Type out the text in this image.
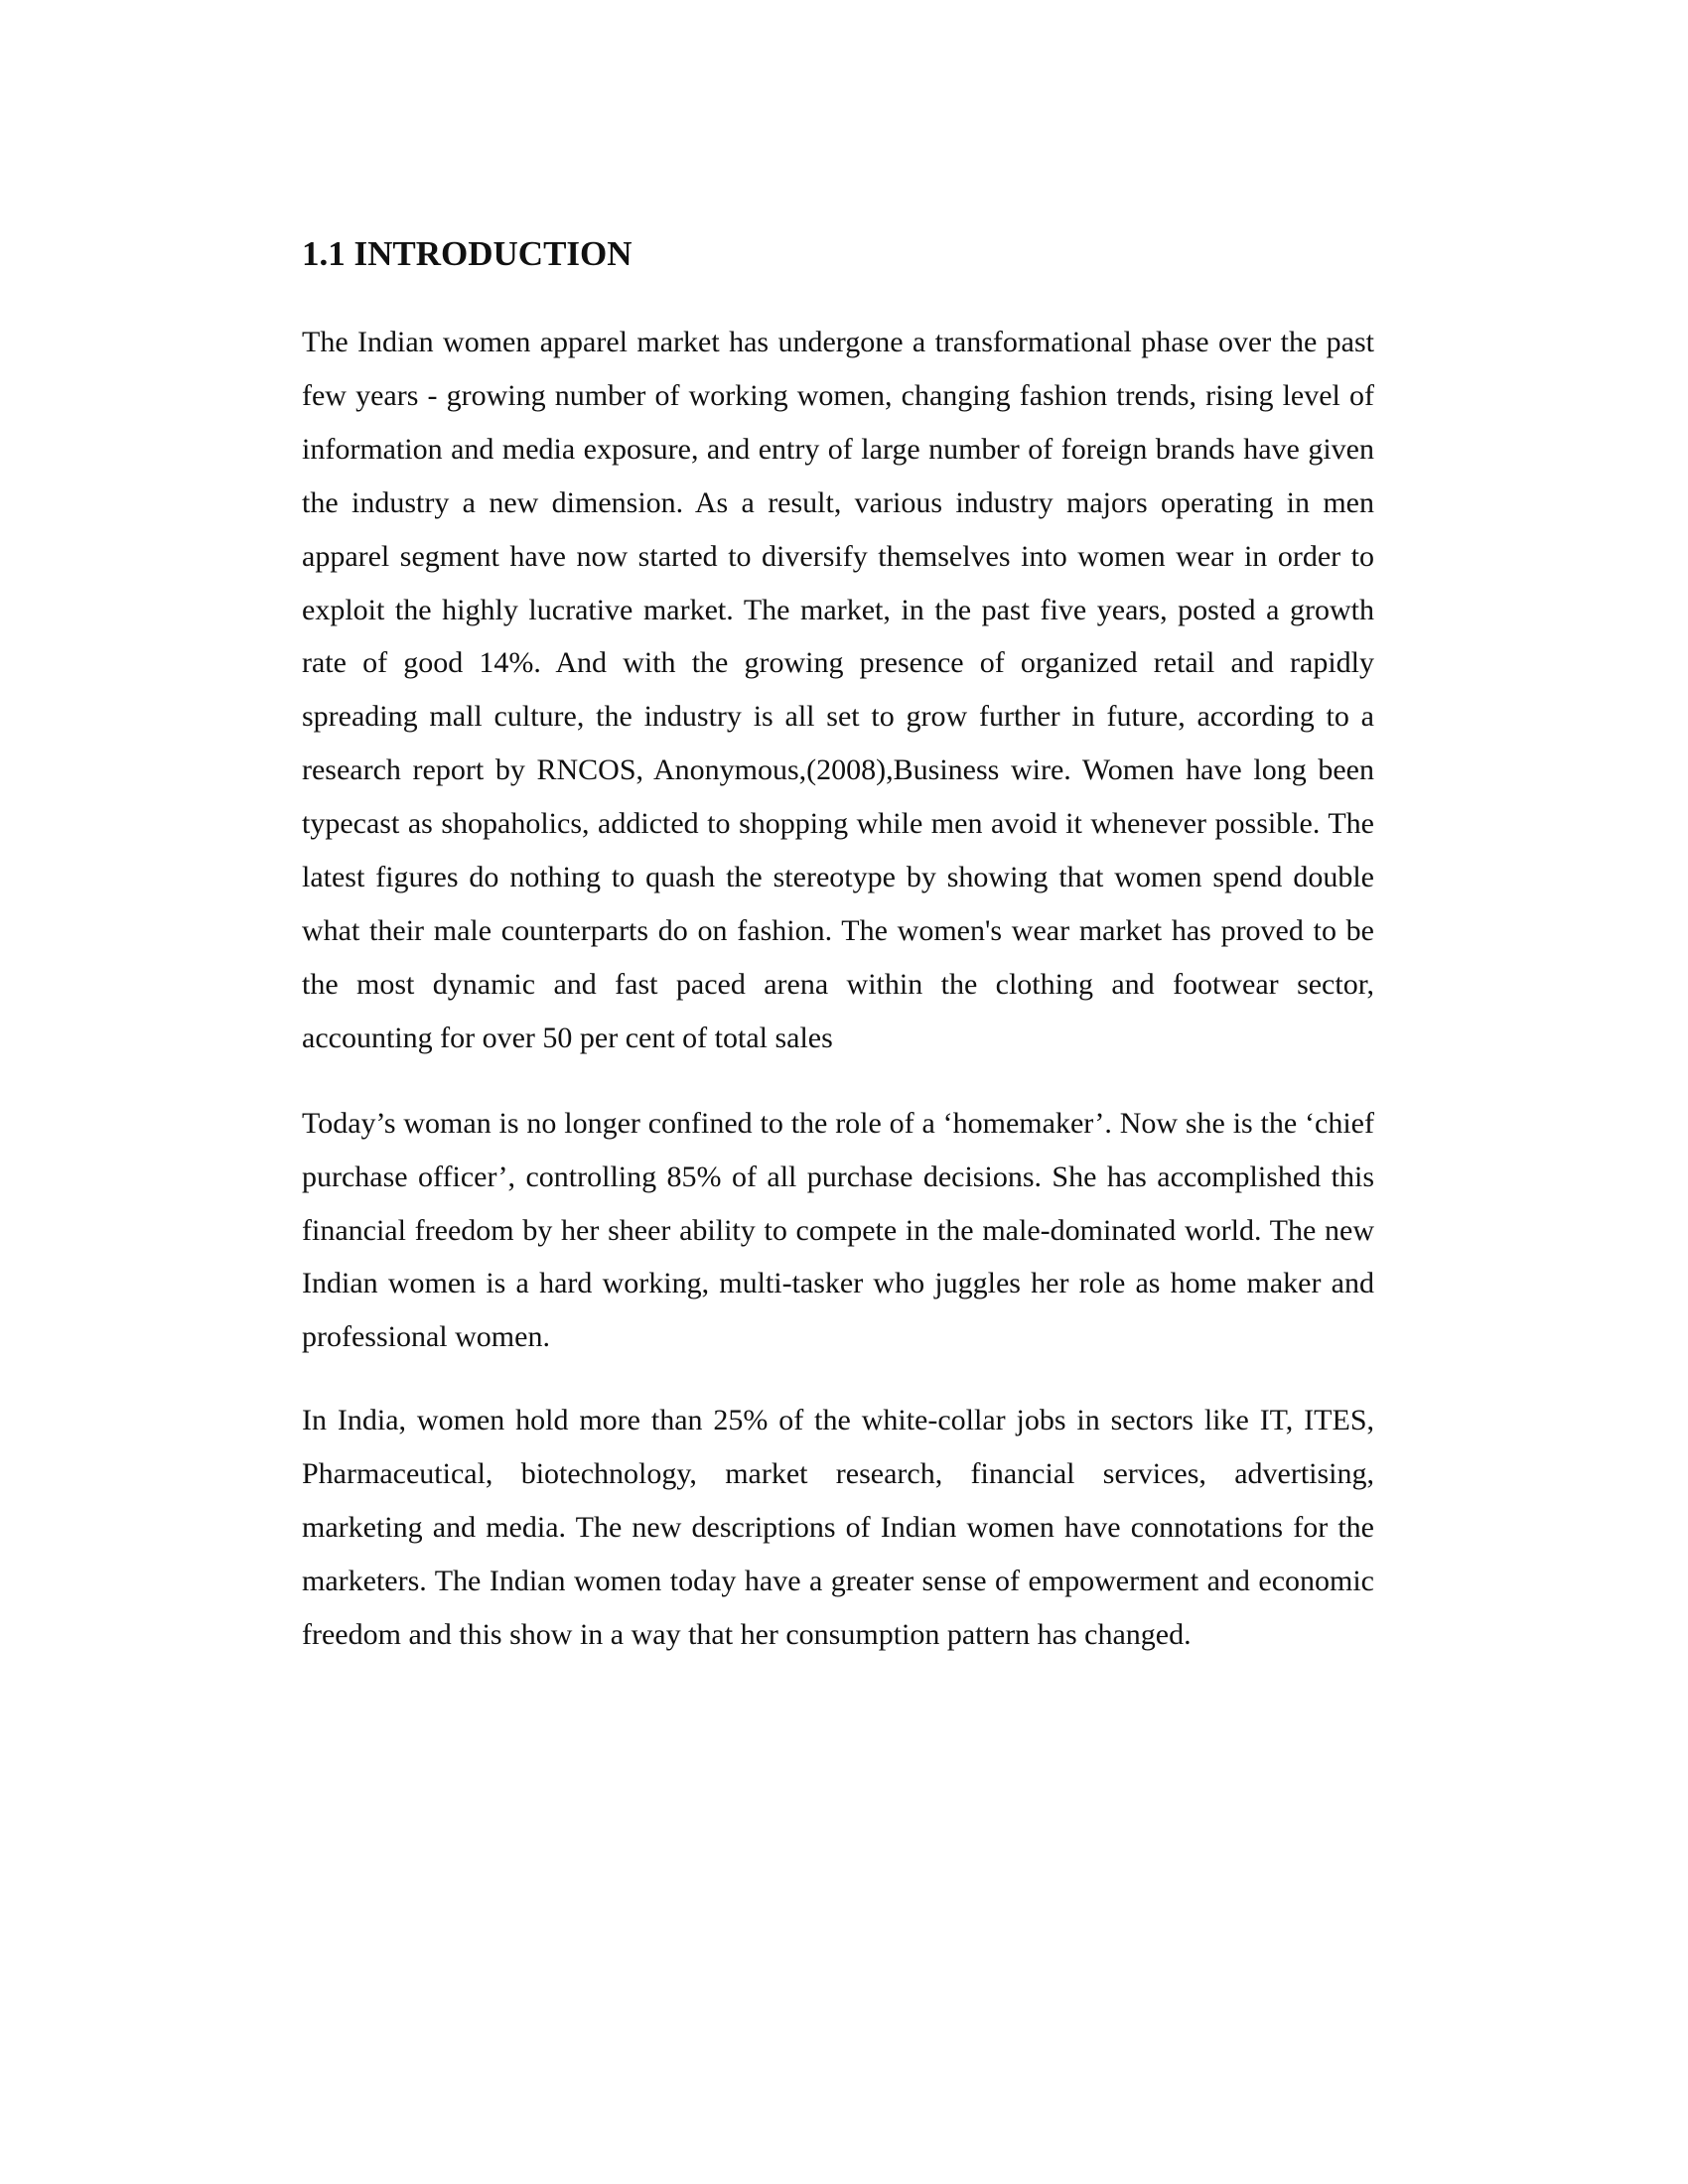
1.1 INTRODUCTION

The Indian women apparel market has undergone a transformational phase over the past few years - growing number of working women, changing fashion trends, rising level of information and media exposure, and entry of large number of foreign brands have given the industry a new dimension. As a result, various industry majors operating in men apparel segment have now started to diversify themselves into women wear in order to exploit the highly lucrative market. The market, in the past five years, posted a growth rate of good 14%. And with the growing presence of organized retail and rapidly spreading mall culture, the industry is all set to grow further in future, according to a research report by RNCOS, Anonymous,(2008),Business wire. Women have long been typecast as shopaholics, addicted to shopping while men avoid it whenever possible. The latest figures do nothing to quash the stereotype by showing that women spend double what their male counterparts do on fashion. The women's wear market has proved to be the most dynamic and fast paced arena within the clothing and footwear sector, accounting for over 50 per cent of total sales

Today’s woman is no longer confined to the role of a ‘homemaker’. Now she is the ‘chief purchase officer’, controlling 85% of all purchase decisions. She has accomplished this financial freedom by her sheer ability to compete in the male-dominated world. The new Indian women is a hard working, multi-tasker who juggles her role as home maker and professional women.

In India, women hold more than 25% of the white-collar jobs in sectors like IT, ITES, Pharmaceutical, biotechnology, market research, financial services, advertising, marketing and media. The new descriptions of Indian women have connotations for the marketers. The Indian women today have a greater sense of empowerment and economic freedom and this show in a way that her consumption pattern has changed.
